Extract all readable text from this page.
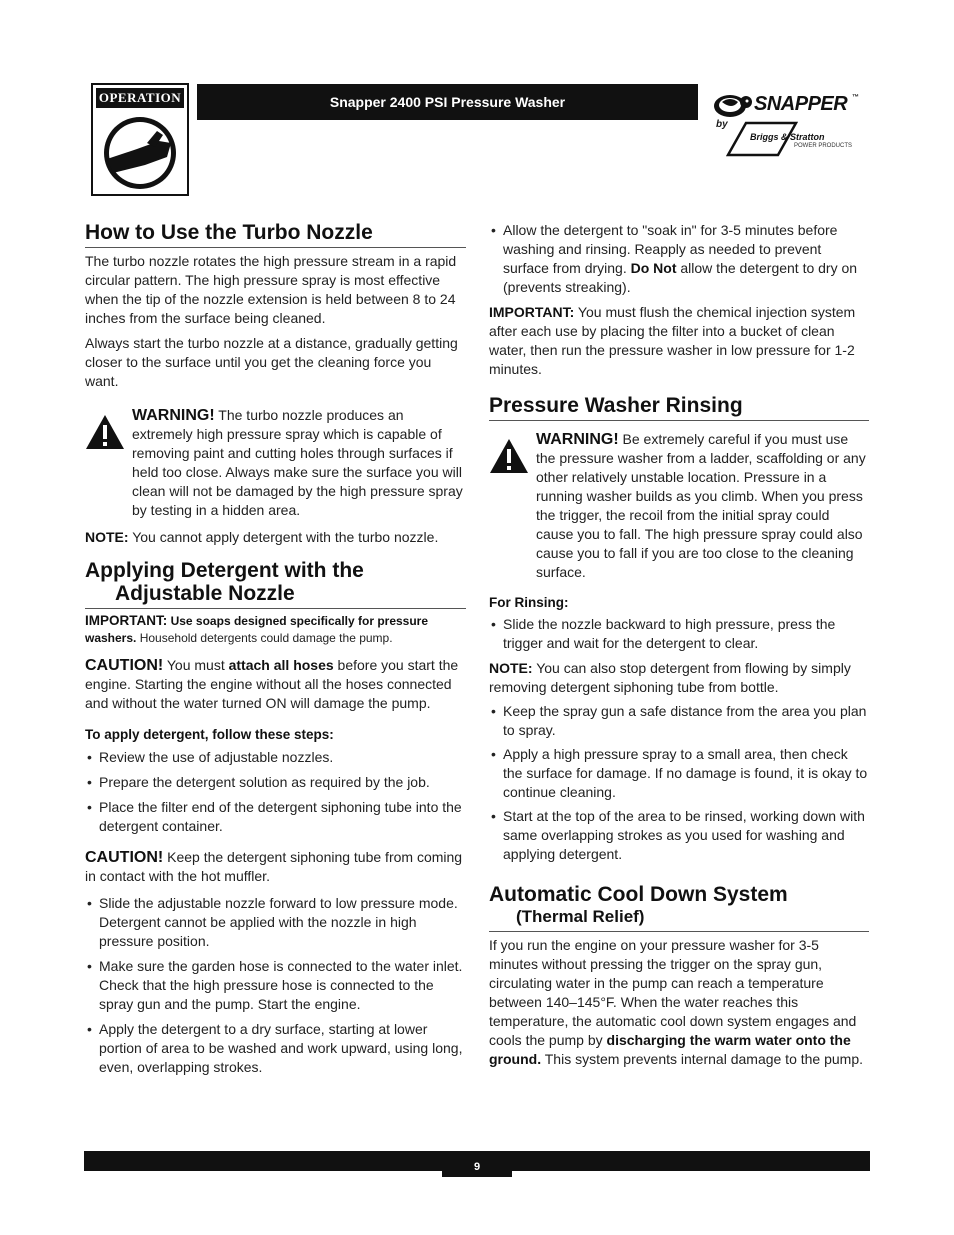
OPERATION	Snapper 2400 PSI Pressure Washer	SNAPPER ™
by
Briggs & Stratton
POWER PRODUCTS
How to Use the Turbo Nozzle

The turbo nozzle rotates the high pressure stream in a rapid circular pattern. The high pressure spray is most effective when the tip of the nozzle extension is held between 8 to 24 inches from the surface being cleaned.

Always start the turbo nozzle at a distance, gradually getting closer to the surface until you get the cleaning force you want.

WARNING! The turbo nozzle produces an extremely high pressure spray which is capable of removing paint and cutting holes through surfaces if held too close. Always make sure the surface you will clean will not be damaged by the high pressure spray by testing in a hidden area.

NOTE: You cannot apply detergent with the turbo nozzle.

Applying Detergent with the
Adjustable Nozzle

IMPORTANT: Use soaps designed specifically for pressure washers. Household detergents could damage the pump.

CAUTION! You must attach all hoses before you start the engine. Starting the engine without all the hoses connected and without the water turned ON will damage the pump.

To apply detergent, follow these steps:

• Review the use of adjustable nozzles.
• Prepare the detergent solution as required by the job.
• Place the filter end of the detergent siphoning tube into the detergent container.

CAUTION! Keep the detergent siphoning tube from coming in contact with the hot muffler.

• Slide the adjustable nozzle forward to low pressure mode. Detergent cannot be applied with the nozzle in high pressure position.
• Make sure the garden hose is connected to the water inlet. Check that the high pressure hose is connected to the spray gun and the pump. Start the engine.
• Apply the detergent to a dry surface, starting at lower portion of area to be washed and work upward, using long, even, overlapping strokes.
• Allow the detergent to "soak in" for 3-5 minutes before washing and rinsing. Reapply as needed to prevent surface from drying. Do Not allow the detergent to dry on (prevents streaking).

IMPORTANT: You must flush the chemical injection system after each use by placing the filter into a bucket of clean water, then run the pressure washer in low pressure for 1-2 minutes.

Pressure Washer Rinsing

WARNING! Be extremely careful if you must use the pressure washer from a ladder, scaffolding or any other relatively unstable location. Pressure in a running washer builds as you climb. When you press the trigger, the recoil from the initial spray could cause you to fall. The high pressure spray could also cause you to fall if you are too close to the cleaning surface.

For Rinsing:

• Slide the nozzle backward to high pressure, press the trigger and wait for the detergent to clear.

NOTE: You can also stop detergent from flowing by simply removing detergent siphoning tube from bottle.

• Keep the spray gun a safe distance from the area you plan to spray.
• Apply a high pressure spray to a small area, then check the surface for damage. If no damage is found, it is okay to continue cleaning.
• Start at the top of the area to be rinsed, working down with same overlapping strokes as you used for washing and applying detergent.
Automatic Cool Down System
(Thermal Relief)

If you run the engine on your pressure washer for 3-5 minutes without pressing the trigger on the spray gun, circulating water in the pump can reach a temperature between 140–145°F. When the water reaches this temperature, the automatic cool down system engages and cools the pump by discharging the warm water onto the ground. This system prevents internal damage to the pump.

9
